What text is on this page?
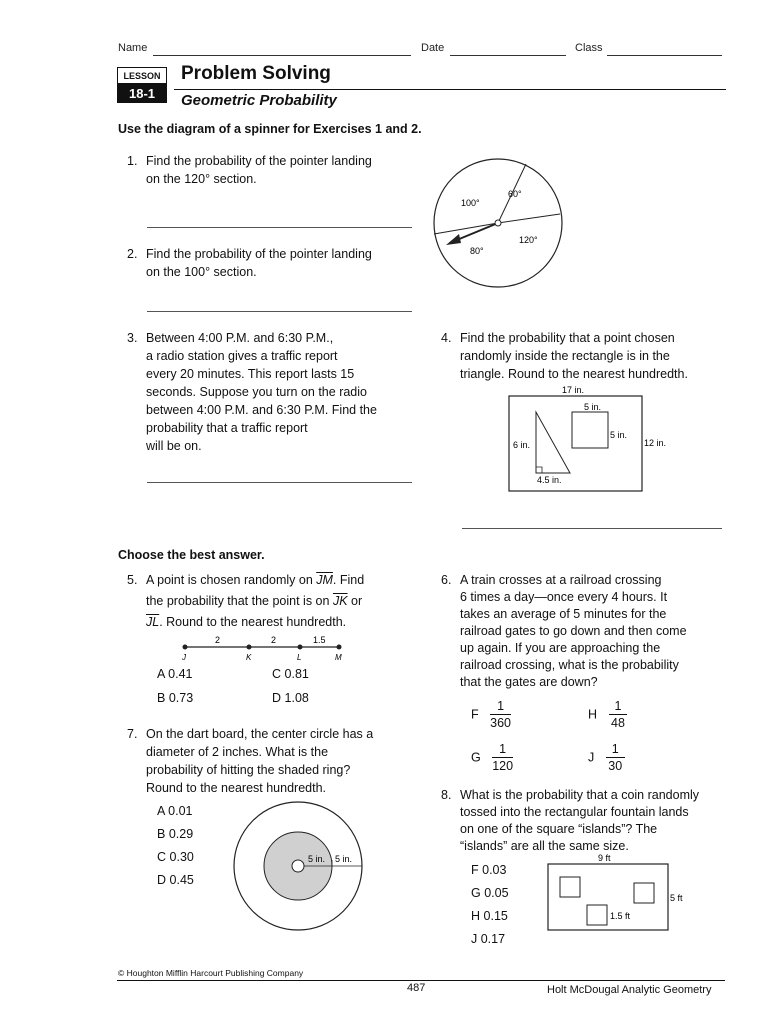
Name	Date	Class
LESSON
18-1
Problem Solving
Geometric Probability
Use the diagram of a spinner for Exercises 1 and 2.
1. Find the probability of the pointer landing
on the 120° section.
2. Find the probability of the pointer landing
on the 100° section.
100°
60°
120°
80°
3. Between 4:00 P.M. and 6:30 P.M.,
a radio station gives a traffic report
every 20 minutes. This report lasts 15
seconds. Suppose you turn on the radio
between 4:00 P.M. and 6:30 P.M. Find the
probability that a traffic report
will be on.
4. Find the probability that a point chosen
randomly inside the rectangle is in the
triangle. Round to the nearest hundredth.
17 in.
12 in.
5 in.
5 in.
6 in.
4.5 in.
Choose the best answer.
5. A point is chosen randomly on $\overline{JM}$. Find
the probability that the point is on $\overline{JK}$ or
$\overline{JL}$. Round to the nearest hundredth.
2	2	1.5
J	K	L	M
A 0.41	C 0.81
B 0.73	D 1.08
6. A train crosses at a railroad crossing
6 times a day—once every 4 hours. It
takes an average of 5 minutes for the
railroad gates to go down and then come
up again. If you are approaching the
railroad crossing, what is the probability
that the gates are down?
F $\frac{1}{360}$	H $\frac{1}{48}$
G $\frac{1}{120}$	J $\frac{1}{30}$
7. On the dart board, the center circle has a
diameter of 2 inches. What is the
probability of hitting the shaded ring?
Round to the nearest hundredth.
A 0.01
B 0.29
C 0.30
D 0.45
5 in. 5 in.
8. What is the probability that a coin randomly
tossed into the rectangular fountain lands
on one of the square “islands”? The
“islands” are all the same size.
F 0.03
G 0.05
H 0.15
J 0.17
9 ft
5 ft
1.5 ft
© Houghton Mifflin Harcourt Publishing Company
487	Holt McDougal Analytic Geometry
